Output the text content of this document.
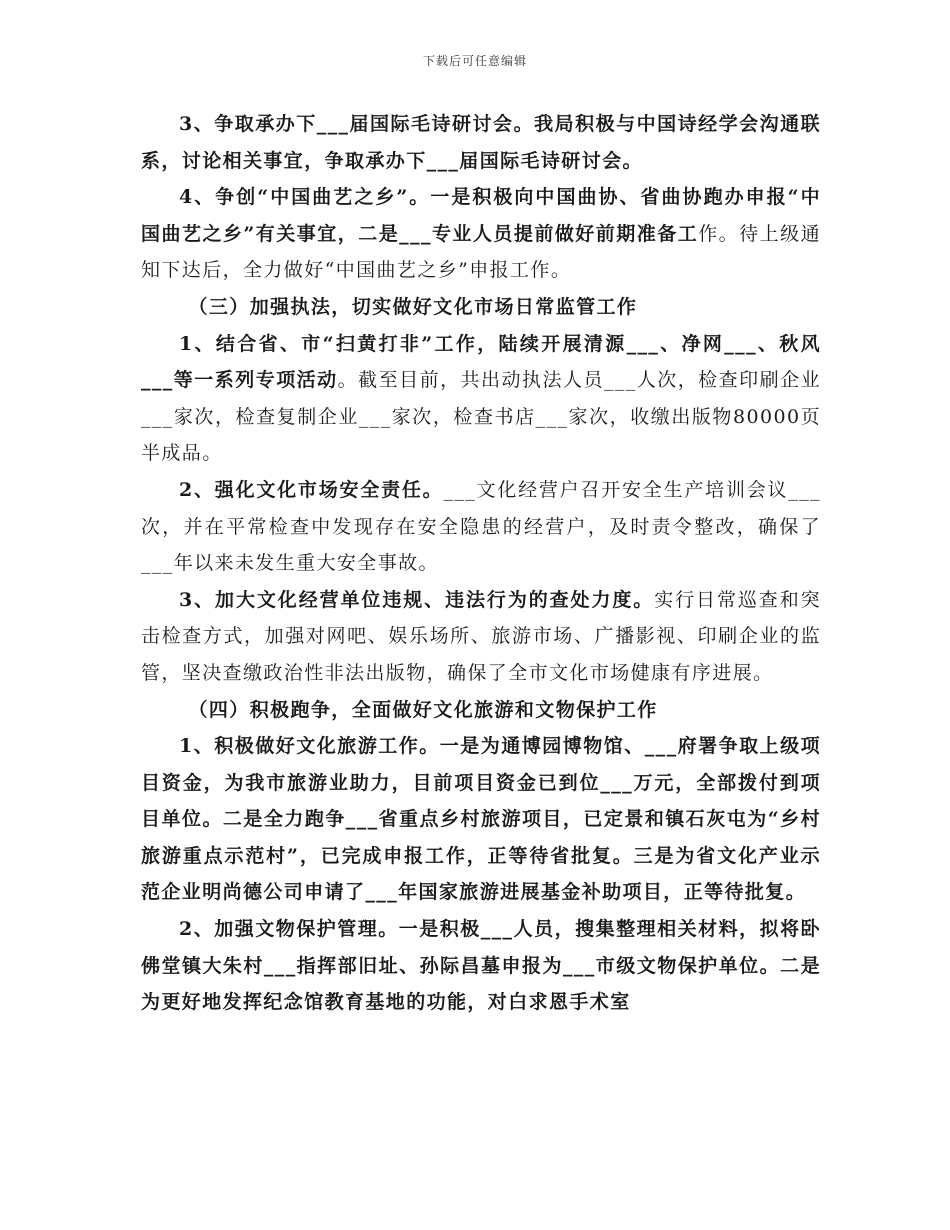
下载后可任意编辑

3、争取承办下___届国际毛诗研讨会。我局积极与中国诗经学会沟通联系，讨论相关事宜，争取承办下___届国际毛诗研讨会。

4、争创“中国曲艺之乡”。一是积极向中国曲协、省曲协跑办申报“中国曲艺之乡”有关事宜，二是___专业人员提前做好前期准备工作。待上级通知下达后，全力做好“中国曲艺之乡”申报工作。

（三）加强执法，切实做好文化市场日常监管工作

1、结合省、市“扫黄打非”工作，陆续开展清源___、净网___、秋风___等一系列专项活动。截至目前，共出动执法人员___人次，检查印刷企业___家次，检查复制企业___家次，检查书店___家次，收缴出版物80000页半成品。

2、强化文化市场安全责任。___文化经营户召开安全生产培训会议___次，并在平常检查中发现存在安全隐患的经营户，及时责令整改，确保了___年以来未发生重大安全事故。

3、加大文化经营单位违规、违法行为的查处力度。实行日常巡查和突击检查方式，加强对网吧、娱乐场所、旅游市场、广播影视、印刷企业的监管，坚决查缴政治性非法出版物，确保了全市文化市场健康有序进展。

（四）积极跑争，全面做好文化旅游和文物保护工作

1、积极做好文化旅游工作。一是为通博园博物馆、___府署争取上级项目资金，为我市旅游业助力，目前项目资金已到位___万元，全部拨付到项目单位。二是全力跑争___省重点乡村旅游项目，已定景和镇石灰屯为“乡村旅游重点示范村”，已完成申报工作，正等待省批复。三是为省文化产业示范企业明尚德公司申请了___年国家旅游进展基金补助项目，正等待批复。

2、加强文物保护管理。一是积极___人员，搜集整理相关材料，拟将卧佛堂镇大朱村___指挥部旧址、孙际昌墓申报为___市级文物保护单位。二是为更好地发挥纪念馆教育基地的功能，对白求恩手术室
